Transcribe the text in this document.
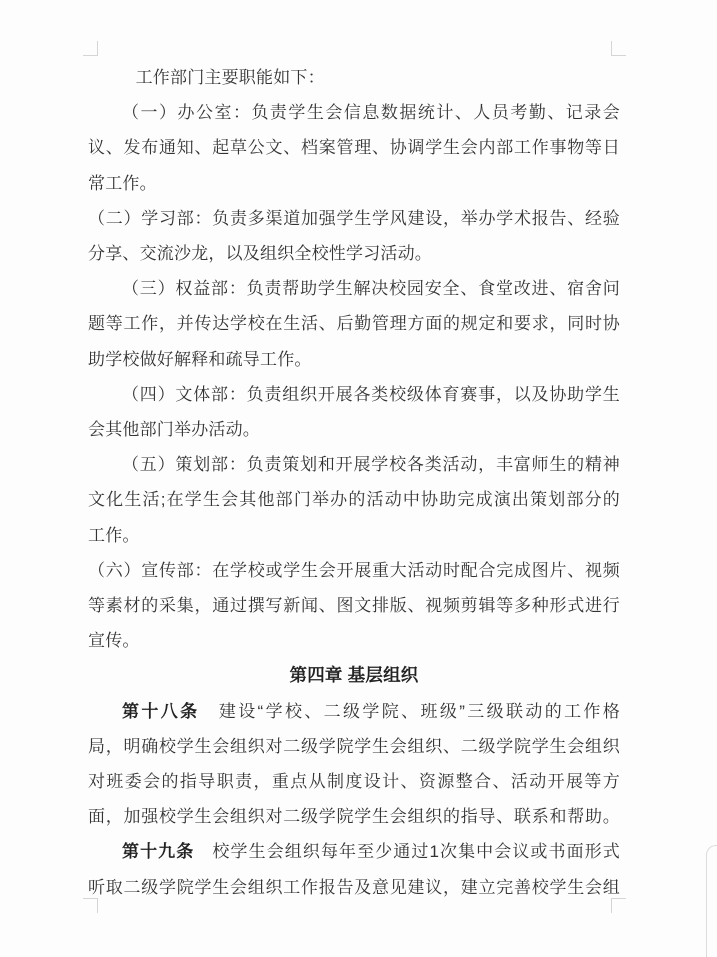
工作部门主要职能如下：
（一）办公室：负责学生会信息数据统计、人员考勤、记录会
议、发布通知、起草公文、档案管理、协调学生会内部工作事物等日
常工作。
（二）学习部：负责多渠道加强学生学风建设，举办学术报告、经验
分享、交流沙龙，以及组织全校性学习活动。
（三）权益部：负责帮助学生解决校园安全、食堂改进、宿舍问
题等工作，并传达学校在生活、后勤管理方面的规定和要求，同时协
助学校做好解释和疏导工作。
（四）文体部：负责组织开展各类校级体育赛事，以及协助学生
会其他部门举办活动。
（五）策划部：负责策划和开展学校各类活动，丰富师生的精神
文化生活;在学生会其他部门举办的活动中协助完成演出策划部分的
工作。
（六）宣传部：在学校或学生会开展重大活动时配合完成图片、视频
等素材的采集，通过撰写新闻、图文排版、视频剪辑等多种形式进行
宣传。
第四章 基层组织
第十八条　建设“学校、二级学院、班级”三级联动的工作格
局，明确校学生会组织对二级学院学生会组织、二级学院学生会组织
对班委会的指导职责，重点从制度设计、资源整合、活动开展等方
面，加强校学生会组织对二级学院学生会组织的指导、联系和帮助。
第十九条　校学生会组织每年至少通过1次集中会议或书面形式
听取二级学院学生会组织工作报告及意见建议，建立完善校学生会组
